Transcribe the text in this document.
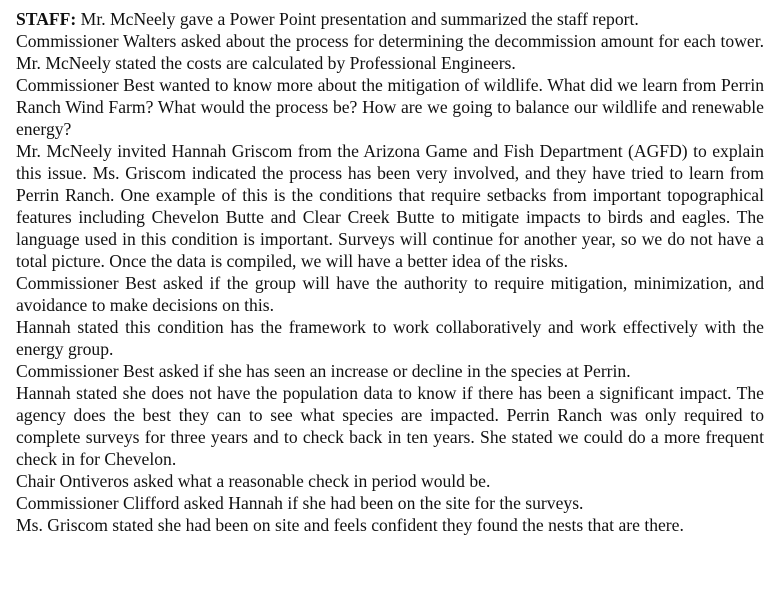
STAFF: Mr. McNeely gave a Power Point presentation and summarized the staff report.

Commissioner Walters asked about the process for determining the decommission amount for each tower. Mr. McNeely stated the costs are calculated by Professional Engineers.

Commissioner Best wanted to know more about the mitigation of wildlife. What did we learn from Perrin Ranch Wind Farm? What would the process be? How are we going to balance our wildlife and renewable energy?

Mr. McNeely invited Hannah Griscom from the Arizona Game and Fish Department (AGFD) to explain this issue. Ms. Griscom indicated the process has been very involved, and they have tried to learn from Perrin Ranch. One example of this is the conditions that require setbacks from important topographical features including Chevelon Butte and Clear Creek Butte to mitigate impacts to birds and eagles. The language used in this condition is important. Surveys will continue for another year, so we do not have a total picture. Once the data is compiled, we will have a better idea of the risks.

Commissioner Best asked if the group will have the authority to require mitigation, minimization, and avoidance to make decisions on this.

Hannah stated this condition has the framework to work collaboratively and work effectively with the energy group.

Commissioner Best asked if she has seen an increase or decline in the species at Perrin.

Hannah stated she does not have the population data to know if there has been a significant impact. The agency does the best they can to see what species are impacted. Perrin Ranch was only required to complete surveys for three years and to check back in ten years. She stated we could do a more frequent check in for Chevelon.

Chair Ontiveros asked what a reasonable check in period would be.

Commissioner Clifford asked Hannah if she had been on the site for the surveys.

Ms. Griscom stated she had been on site and feels confident they found the nests that are there.
